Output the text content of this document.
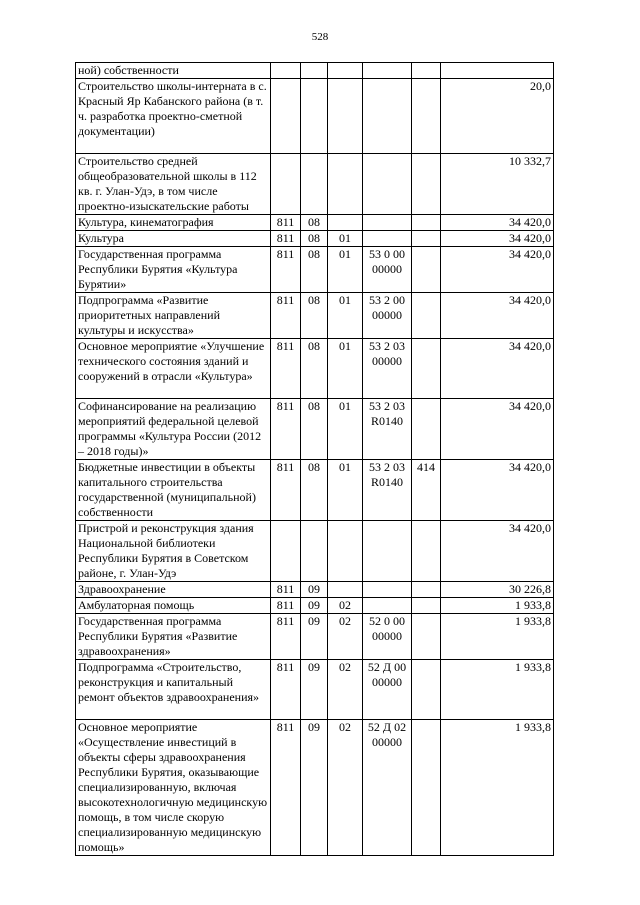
528
ной) собственности						
Строительство школы-интерната в с. Красный Яр Кабанского района (в т. ч. разработка проектно-сметной документации)						20,0
Строительство средней общеобразовательной школы в 112 кв. г. Улан-Удэ, в том числе проектно-изыскательские работы						10 332,7
Культура, кинематография	811	08				34 420,0
Культура	811	08	01			34 420,0
Государственная программа Республики Бурятия «Культура Бурятии»	811	08	01	53 0 00 00000		34 420,0
Подпрограмма «Развитие приоритетных направлений культуры и искусства»	811	08	01	53 2 00 00000		34 420,0
Основное мероприятие «Улучшение технического состояния зданий и сооружений в отрасли «Культура»	811	08	01	53 2 03 00000		34 420,0
Софинансирование на реализацию мероприятий федеральной целевой программы «Культура России (2012 – 2018 годы)»	811	08	01	53 2 03 R0140		34 420,0
Бюджетные инвестиции в объекты капитального строительства государственной (муниципальной) собственности	811	08	01	53 2 03 R0140	414	34 420,0
Пристрой и реконструкция здания Национальной библиотеки Республики Бурятия в Советском районе, г. Улан-Удэ						34 420,0
Здравоохранение	811	09				30 226,8
Амбулаторная помощь	811	09	02			1 933,8
Государственная программа Республики Бурятия «Развитие здравоохранения»	811	09	02	52 0 00 00000		1 933,8
Подпрограмма «Строительство, реконструкция и капитальный ремонт объектов здравоохранения»	811	09	02	52 Д 00 00000		1 933,8
Основное мероприятие «Осуществление инвестиций в объекты сферы здравоохранения Республики Бурятия, оказывающие специализированную, включая высокотехнологичную медицинскую помощь, в том числе скорую специализированную медицинскую помощь»	811	09	02	52 Д 02 00000		1 933,8
